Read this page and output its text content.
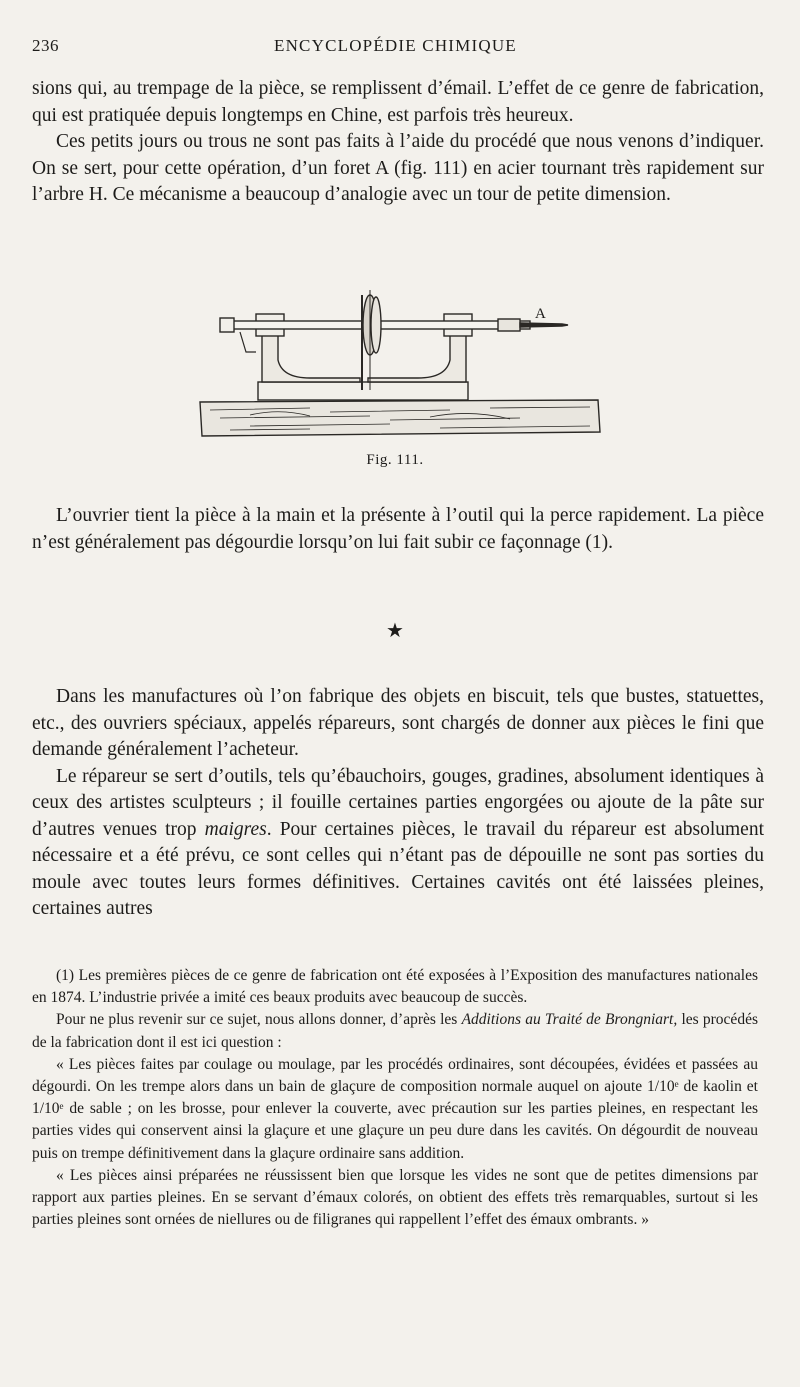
236	ENCYCLOPÉDIE CHIMIQUE

sions qui, au trempage de la pièce, se remplissent d’émail. L’effet de ce genre de fabrication, qui est pratiquée depuis longtemps en Chine, est parfois très heureux.

Ces petits jours ou trous ne sont pas faits à l’aide du procédé que nous venons d’indiquer. On se sert, pour cette opération, d’un foret A (fig. 111) en acier tournant très rapidement sur l’arbre H. Ce mécanisme a beaucoup d’analogie avec un tour de petite dimension.

A
Fig. 111.

L’ouvrier tient la pièce à la main et la présente à l’outil qui la perce rapidement. La pièce n’est généralement pas dégourdie lorsqu’on lui fait subir ce façonnage (1).

★

Dans les manufactures où l’on fabrique des objets en biscuit, tels que bustes, statuettes, etc., des ouvriers spéciaux, appelés répareurs, sont chargés de donner aux pièces le fini que demande généralement l’acheteur.

Le répareur se sert d’outils, tels qu’ébauchoirs, gouges, gradines, absolument identiques à ceux des artistes sculpteurs ; il fouille certaines parties engorgées ou ajoute de la pâte sur d’autres venues trop maigres. Pour certaines pièces, le travail du répareur est absolument nécessaire et a été prévu, ce sont celles qui n’étant pas de dépouille ne sont pas sorties du moule avec toutes leurs formes définitives. Certaines cavités ont été laissées pleines, certaines autres

(1) Les premières pièces de ce genre de fabrication ont été exposées à l’Exposition des manufactures nationales en 1874. L’industrie privée a imité ces beaux produits avec beaucoup de succès.

Pour ne plus revenir sur ce sujet, nous allons donner, d’après les Additions au Traité de Brongniart, les procédés de la fabrication dont il est ici question :

« Les pièces faites par coulage ou moulage, par les procédés ordinaires, sont découpées, évidées et passées au dégourdi. On les trempe alors dans un bain de glaçure de composition normale auquel on ajoute 1/10ᵉ de kaolin et 1/10ᵉ de sable ; on les brosse, pour enlever la couverte, avec précaution sur les parties pleines, en respectant les parties vides qui conservent ainsi la glaçure et une glaçure un peu dure dans les cavités. On dégourdit de nouveau puis on trempe définitivement dans la glaçure ordinaire sans addition.

« Les pièces ainsi préparées ne réussissent bien que lorsque les vides ne sont que de petites dimensions par rapport aux parties pleines. En se servant d’émaux colorés, on obtient des effets très remarquables, surtout si les parties pleines sont ornées de niellures ou de filigranes qui rappellent l’effet des émaux ombrants. »
